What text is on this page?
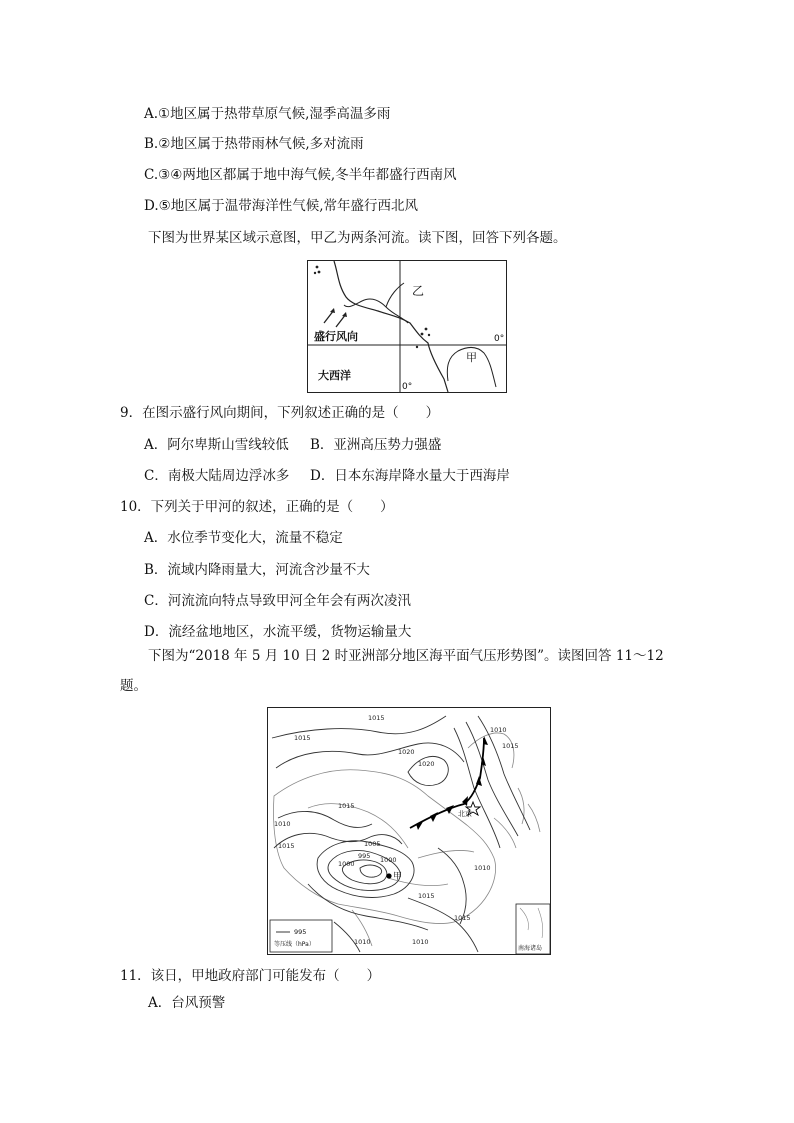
A.①地区属于热带草原气候,湿季高温多雨
B.②地区属于热带雨林气候,多对流雨
C.③④两地区都属于地中海气候,冬半年都盛行西南风
D.⑤地区属于温带海洋性气候,常年盛行西北风
下图为世界某区域示意图，甲乙为两条河流。读下图，回答下列各题。
盛行风向
大西洋
乙
甲
0°
0°
9．在图示盛行风向期间，下列叙述正确的是（　　）
A．阿尔卑斯山雪线较低 B．亚洲高压势力强盛
C．南极大陆周边浮冰多 D．日本东海岸降水量大于西海岸
10．下列关于甲河的叙述，正确的是（　　）
A．水位季节变化大，流量不稳定
B．流域内降雨量大，河流含沙量不大
C．河流流向特点导致甲河全年会有两次凌汛
D．流经盆地地区，水流平缓，货物运输量大
下图为“2018 年 5 月 10 日 2 时亚洲部分地区海平面气压形势图”。读图回答 11～12
题。
北京
甲
1015
1015
1020
1020
1015
1010
1015
1010
1015	1005
1000
995 1000
1010
1015
1010
1015
1010
995
等压线（hPa）
南海诸岛
11．该日，甲地政府部门可能发布（　　）
A．台风预警
